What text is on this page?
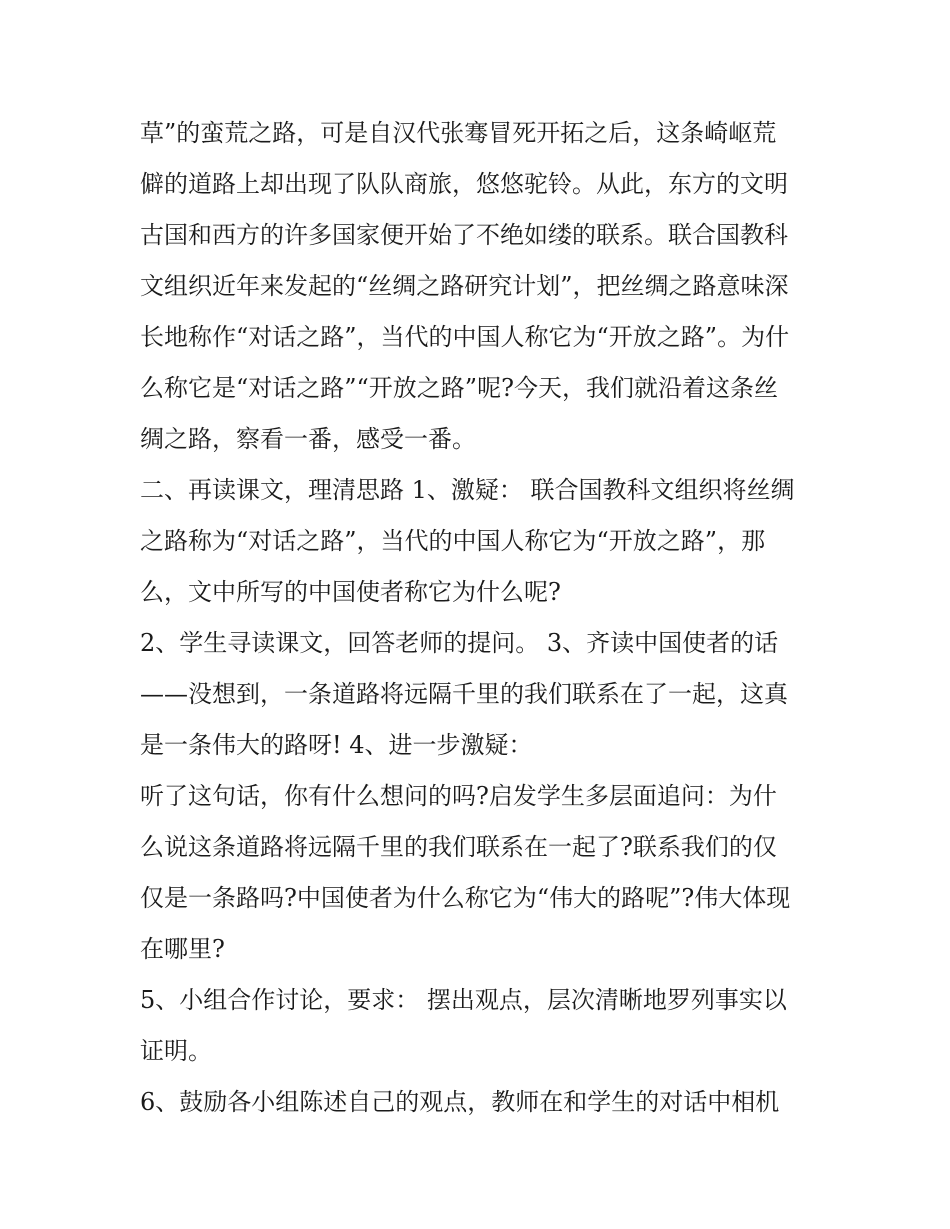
草”的蛮荒之路，可是自汉代张骞冒死开拓之后，这条崎岖荒
僻的道路上却出现了队队商旅，悠悠驼铃。从此，东方的文明
古国和西方的许多国家便开始了不绝如缕的联系。联合国教科
文组织近年来发起的“丝绸之路研究计划”，把丝绸之路意味深
长地称作“对话之路”，当代的中国人称它为“开放之路”。为什
么称它是“对话之路”“开放之路”呢?今天，我们就沿着这条丝
绸之路，察看一番，感受一番。
二、再读课文，理清思路 1、激疑： 联合国教科文组织将丝绸
之路称为“对话之路”，当代的中国人称它为“开放之路”，那
么，文中所写的中国使者称它为什么呢?
2、学生寻读课文，回答老师的提问。 3、齐读中国使者的话
——没想到，一条道路将远隔千里的我们联系在了一起，这真
是一条伟大的路呀! 4、进一步激疑：
听了这句话，你有什么想问的吗?启发学生多层面追问：为什
么说这条道路将远隔千里的我们联系在一起了?联系我们的仅
仅是一条路吗?中国使者为什么称它为“伟大的路呢”?伟大体现
在哪里?
5、小组合作讨论，要求： 摆出观点，层次清晰地罗列事实以
证明。
6、鼓励各小组陈述自己的观点，教师在和学生的对话中相机
